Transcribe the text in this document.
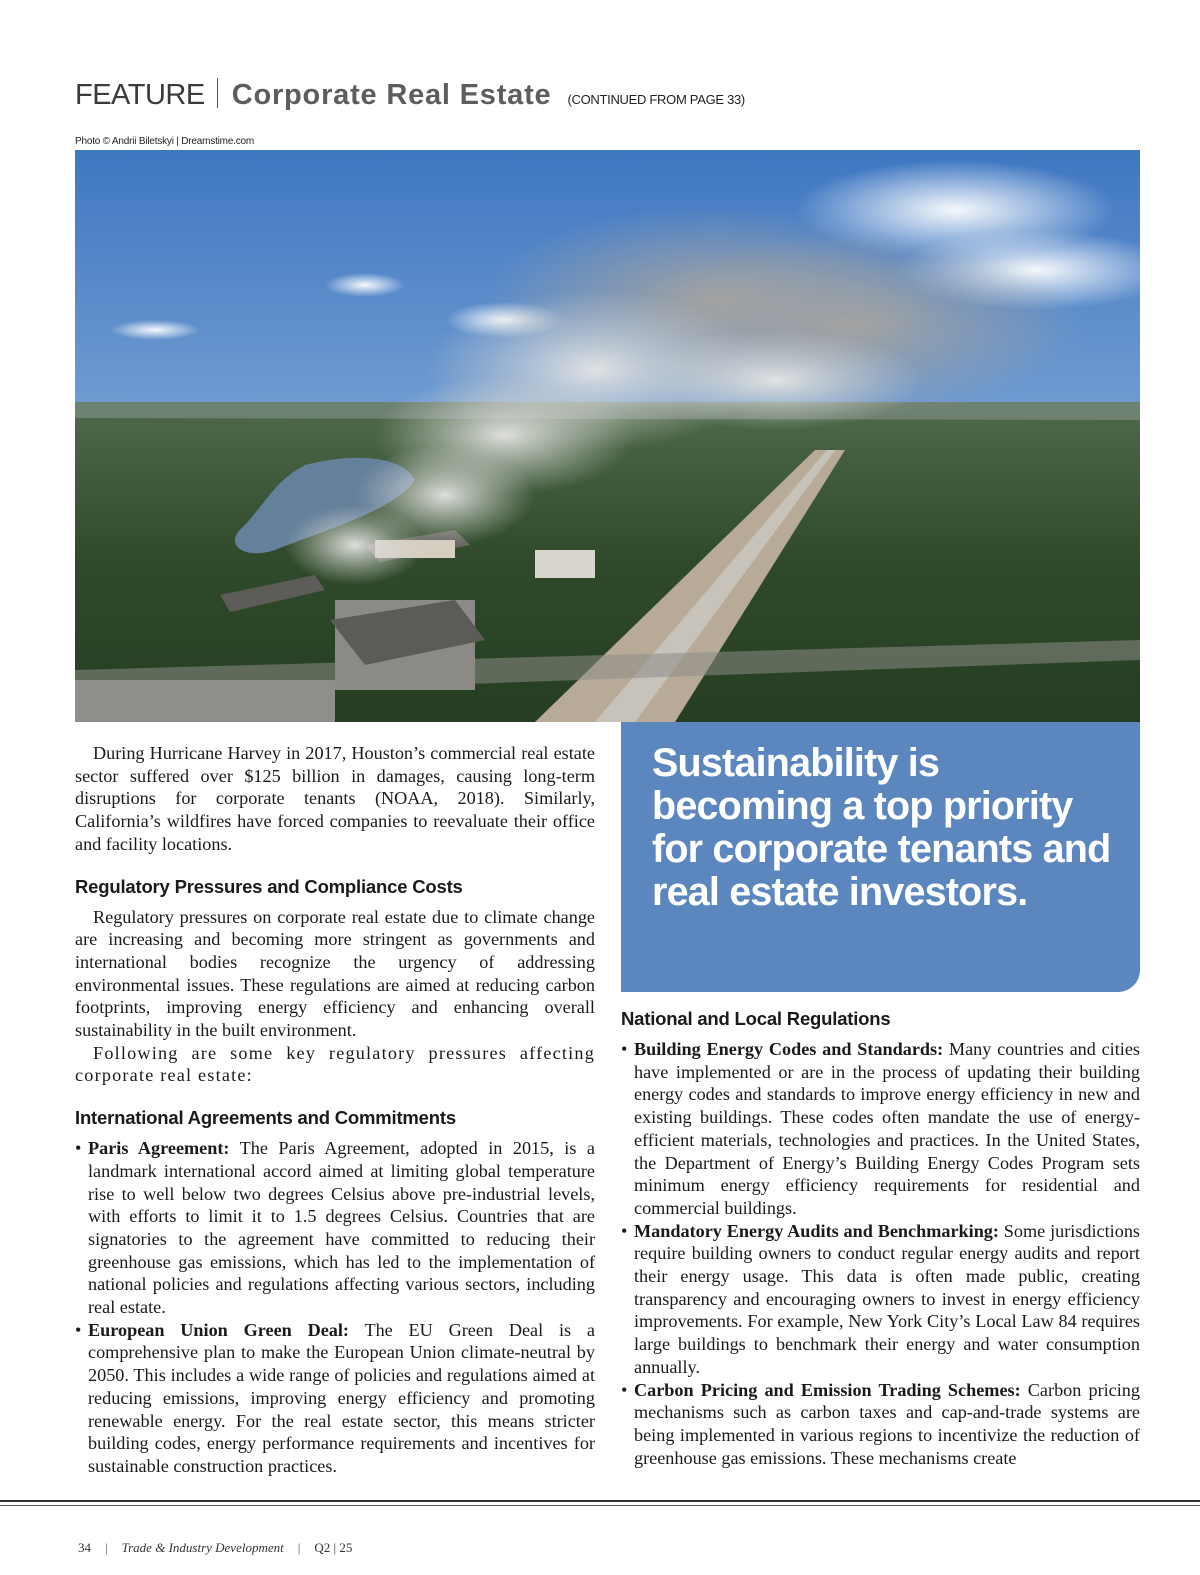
FEATURE Corporate Real Estate (CONTINUED FROM PAGE 33)
Photo © Andrii Biletskyi | Dreamstime.com

During Hurricane Harvey in 2017, Houston’s commercial real estate sector suffered over $125 billion in damages, causing long-term disruptions for corporate tenants (NOAA, 2018). Similarly, California’s wildfires have forced companies to reevaluate their office and facility locations.

Regulatory Pressures and Compliance Costs

Regulatory pressures on corporate real estate due to climate change are increasing and becoming more stringent as governments and international bodies recognize the urgency of addressing environmental issues. These regulations are aimed at reducing carbon footprints, improving energy efficiency and enhancing overall sustainability in the built environment.

Following are some key regulatory pressures affecting corporate real estate:

International Agreements and Commitments
• Paris Agreement: The Paris Agreement, adopted in 2015, is a landmark international accord aimed at limiting global temperature rise to well below two degrees Celsius above pre-industrial levels, with efforts to limit it to 1.5 degrees Celsius. Countries that are signatories to the agreement have committed to reducing their greenhouse gas emissions, which has led to the implementation of national policies and regulations affecting various sectors, including real estate.
• European Union Green Deal: The EU Green Deal is a comprehensive plan to make the European Union climate-neutral by 2050. This includes a wide range of policies and regulations aimed at reducing emissions, improving energy efficiency and promoting renewable energy. For the real estate sector, this means stricter building codes, energy performance requirements and incentives for sustainable construction practices.
Sustainability is becoming a top priority for corporate tenants and real estate investors.
National and Local Regulations
• Building Energy Codes and Standards: Many countries and cities have implemented or are in the process of updating their building energy codes and standards to improve energy efficiency in new and existing buildings. These codes often mandate the use of energy-efficient materials, technologies and practices. In the United States, the Department of Energy’s Building Energy Codes Program sets minimum energy efficiency requirements for residential and commercial buildings.
• Mandatory Energy Audits and Benchmarking: Some jurisdictions require building owners to conduct regular energy audits and report their energy usage. This data is often made public, creating transparency and encouraging owners to invest in energy efficiency improvements. For example, New York City’s Local Law 84 requires large buildings to benchmark their energy and water consumption annually.
• Carbon Pricing and Emission Trading Schemes: Carbon pricing mechanisms such as carbon taxes and cap-and-trade systems are being implemented in various regions to incentivize the reduction of greenhouse gas emissions. These mechanisms create
34 | Trade & Industry Development | Q2 | 25
